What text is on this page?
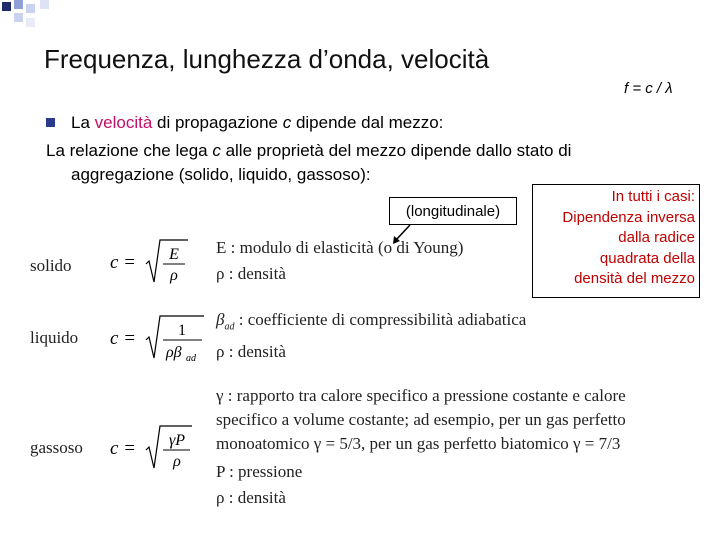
Frequenza, lunghezza d’onda, velocità
f = c / λ
La velocità di propagazione c dipende dal mezzo:
La relazione che lega c alle proprietà del mezzo dipende dallo stato di
aggregazione (solido, liquido, gassoso):
(longitudinale)
In tutti i casi:
Dipendenza inversa
dalla radice
quadrata della
densità del mezzo
solido c = E
ρ
E : modulo di elasticità (o di Young)
ρ : densità
liquido c =	1
ρβ ad
$\beta_{ad}$ : coefficiente di compressibilità adiabatica
ρ : densità
gassoso c = γP
ρ
γ : rapporto tra calore specifico a pressione costante e calore
specifico a volume costante; ad esempio, per un gas perfetto
monoatomico γ = 5/3, per un gas perfetto biatomico γ = 7/3
P : pressione
ρ : densità
